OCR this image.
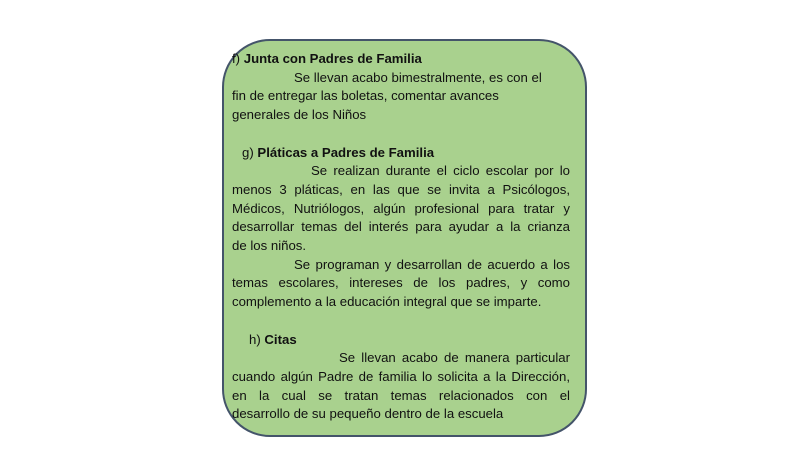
f) Junta con Padres de Familia
Se llevan acabo bimestralmente, es con el
fin de entregar las boletas, comentar avances
generales de los Niños
g) Pláticas a Padres de Familia
Se realizan durante el ciclo escolar por lo
menos 3 pláticas, en las que se invita a Psicólogos,
Médicos, Nutriólogos, algún profesional para tratar y
desarrollar temas del interés para ayudar a la crianza
de los niños.
Se programan y desarrollan de acuerdo a los
temas escolares, intereses de los padres, y como
complemento a la educación integral que se imparte.
h) Citas
Se llevan acabo de manera particular
cuando algún Padre de familia lo solicita a la Dirección,
en la cual se tratan temas relacionados con el
desarrollo de su pequeño dentro de la escuela
